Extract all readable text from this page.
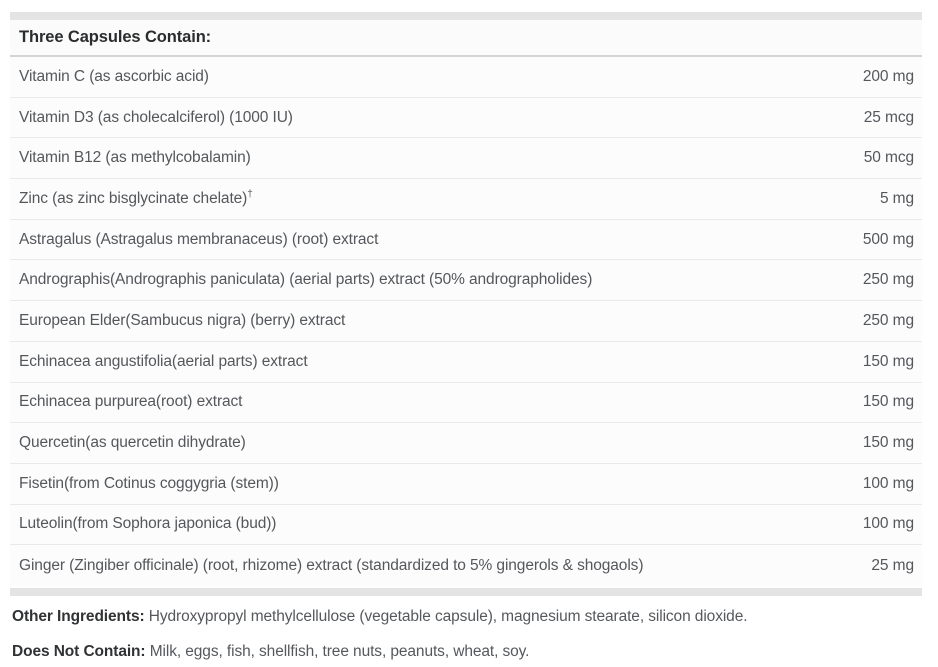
Three Capsules Contain:
Vitamin C (as ascorbic acid)	200 mg
Vitamin D3 (as cholecalciferol) (1000 IU)	25 mcg
Vitamin B12 (as methylcobalamin)	50 mcg
Zinc (as zinc bisglycinate chelate)†	5 mg
Astragalus (Astragalus membranaceus) (root) extract	500 mg
Andrographis(Andrographis paniculata) (aerial parts) extract (50% andrographolides)	250 mg
European Elder(Sambucus nigra) (berry) extract	250 mg
Echinacea angustifolia(aerial parts) extract	150 mg
Echinacea purpurea(root) extract	150 mg
Quercetin(as quercetin dihydrate)	150 mg
Fisetin(from Cotinus coggygria (stem))	100 mg
Luteolin(from Sophora japonica (bud))	100 mg
Ginger (Zingiber officinale) (root, rhizome) extract (standardized to 5% gingerols & shogaols)	25 mg
Other Ingredients: Hydroxypropyl methylcellulose (vegetable capsule), magnesium stearate, silicon dioxide.
Does Not Contain: Milk, eggs, fish, shellfish, tree nuts, peanuts, wheat, soy.
